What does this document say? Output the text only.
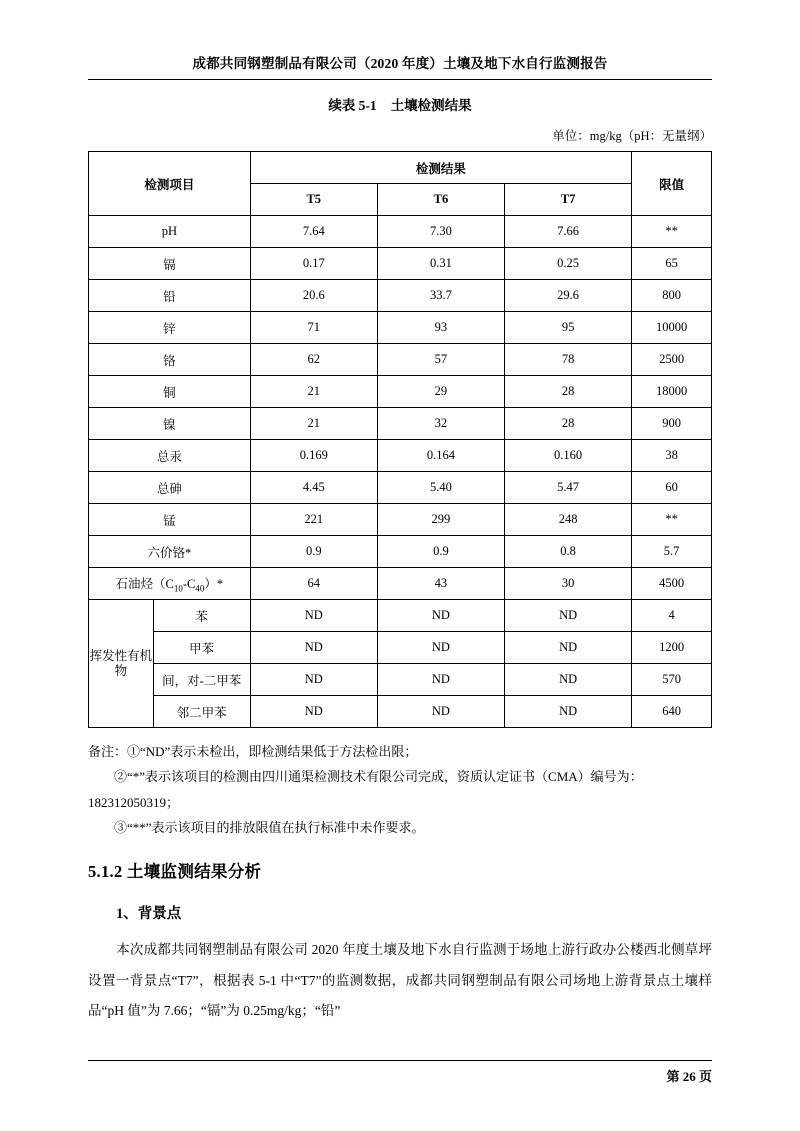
成都共同钢塑制品有限公司（2020 年度）土壤及地下水自行监测报告
续表 5-1 土壤检测结果
单位：mg/kg（pH：无量纲）
检测项目		检测结果			限值
		T5	T6	T7	
pH		7.64	7.30	7.66	**
镉		0.17	0.31	0.25	65
铅		20.6	33.7	29.6	800
锌		71	93	95	10000
铬		62	57	78	2500
铜		21	29	28	18000
镍		21	32	28	900
总汞		0.169	0.164	0.160	38
总砷		4.45	5.40	5.47	60
锰		221	299	248	**
六价铬*		0.9	0.9	0.8	5.7
石油烃$(C_{10}-C_{40})*$		64	43	30	4500
挥发性有机物	苯	ND	ND	ND	4
	甲苯	ND	ND	ND	1200
	间，对-二甲苯	ND	ND	ND	570
	邻二甲苯	ND	ND	ND	640
备注：①“ND”表示未检出，即检测结果低于方法检出限；
②“*”表示该项目的检测由四川通渠检测技术有限公司完成，资质认定证书（CMA）编号为：
182312050319；
③“**”表示该项目的排放限值在执行标准中未作要求。
5.1.2 土壤监测结果分析
1、背景点

本次成都共同钢塑制品有限公司 2020 年度土壤及地下水自行监测于场地上游行政办公楼西北侧草坪设置一背景点“T7”，根据表 5-1 中“T7”的监测数据，成都共同钢塑制品有限公司场地上游背景点土壤样品“pH 值”为 7.66；“镉”为 0.25mg/kg；“铅”

第 26 页
